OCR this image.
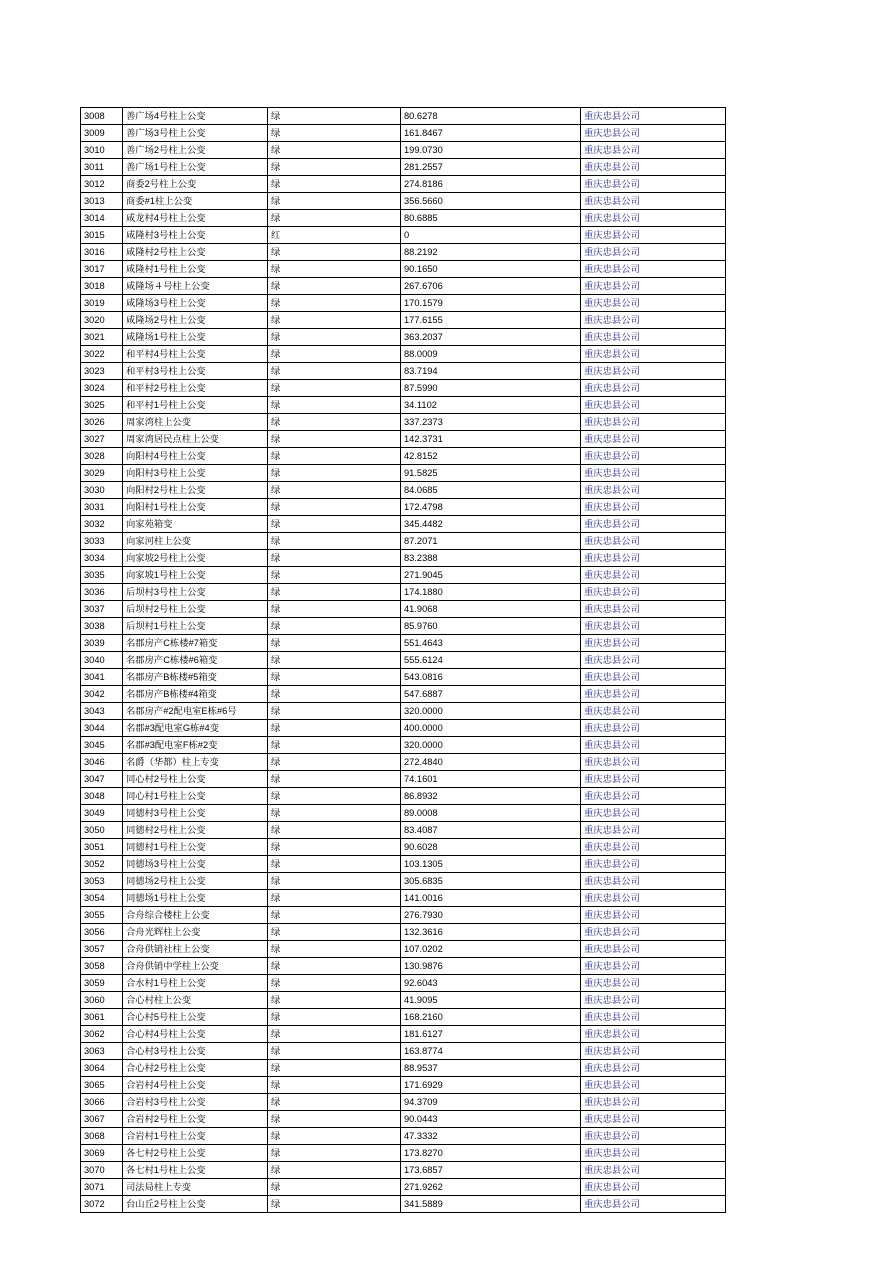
3008	善广场4号柱上公变	绿	80.6278	重庆忠县公司
3009	善广场3号柱上公变	绿	161.8467	重庆忠县公司
3010	善广场2号柱上公变	绿	199.0730	重庆忠县公司
3011	善广场1号柱上公变	绿	281.2557	重庆忠县公司
3012	商委2号柱上公变	绿	274.8186	重庆忠县公司
3013	商委#1柱上公变	绿	356.5660	重庆忠县公司
3014	咸龙村4号柱上公变	绿	80.6885	重庆忠县公司
3015	咸隆村3号柱上公变	红	0	重庆忠县公司
3016	咸隆村2号柱上公变	绿	88.2192	重庆忠县公司
3017	咸隆村1号柱上公变	绿	90.1650	重庆忠县公司
3018	咸隆场４号柱上公变	绿	267.6706	重庆忠县公司
3019	咸隆场3号柱上公变	绿	170.1579	重庆忠县公司
3020	咸隆场2号柱上公变	绿	177.6155	重庆忠县公司
3021	咸隆场1号柱上公变	绿	363.2037	重庆忠县公司
3022	和平村4号柱上公变	绿	88.0009	重庆忠县公司
3023	和平村3号柱上公变	绿	83.7194	重庆忠县公司
3024	和平村2号柱上公变	绿	87.5990	重庆忠县公司
3025	和平村1号柱上公变	绿	34.1102	重庆忠县公司
3026	周家湾柱上公变	绿	337.2373	重庆忠县公司
3027	周家湾居民点柱上公变	绿	142.3731	重庆忠县公司
3028	向阳村4号柱上公变	绿	42.8152	重庆忠县公司
3029	向阳村3号柱上公变	绿	91.5825	重庆忠县公司
3030	向阳村2号柱上公变	绿	84.0685	重庆忠县公司
3031	向阳村1号柱上公变	绿	172.4798	重庆忠县公司
3032	向家苑箱变	绿	345.4482	重庆忠县公司
3033	向家河柱上公变	绿	87.2071	重庆忠县公司
3034	向家坡2号柱上公变	绿	83.2388	重庆忠县公司
3035	向家坡1号柱上公变	绿	271.9045	重庆忠县公司
3036	后坝村3号柱上公变	绿	174.1880	重庆忠县公司
3037	后坝村2号柱上公变	绿	41.9068	重庆忠县公司
3038	后坝村1号柱上公变	绿	85.9760	重庆忠县公司
3039	名郡房产C栋楼#7箱变	绿	551.4643	重庆忠县公司
3040	名郡房产C栋楼#6箱变	绿	555.6124	重庆忠县公司
3041	名郡房产B栋楼#5箱变	绿	543.0816	重庆忠县公司
3042	名郡房产B栋楼#4箱变	绿	547.6887	重庆忠县公司
3043	名郡房产#2配电室E栋#6号	绿	320.0000	重庆忠县公司
3044	名郡#3配电室G栋#4变	绿	400.0000	重庆忠县公司
3045	名郡#3配电室F栋#2变	绿	320.0000	重庆忠县公司
3046	名爵（华都）柱上专变	绿	272.4840	重庆忠县公司
3047	同心村2号柱上公变	绿	74.1601	重庆忠县公司
3048	同心村1号柱上公变	绿	86.8932	重庆忠县公司
3049	同德村3号柱上公变	绿	89.0008	重庆忠县公司
3050	同德村2号柱上公变	绿	83.4087	重庆忠县公司
3051	同德村1号柱上公变	绿	90.6028	重庆忠县公司
3052	同德场3号柱上公变	绿	103.1305	重庆忠县公司
3053	同德场2号柱上公变	绿	305.6835	重庆忠县公司
3054	同德场1号柱上公变	绿	141.0016	重庆忠县公司
3055	合舟综合楼柱上公变	绿	276.7930	重庆忠县公司
3056	合舟光辉柱上公变	绿	132.3616	重庆忠县公司
3057	合舟供销社柱上公变	绿	107.0202	重庆忠县公司
3058	合舟供销中学柱上公变	绿	130.9876	重庆忠县公司
3059	合水村1号柱上公变	绿	92.6043	重庆忠县公司
3060	合心村柱上公变	绿	41.9095	重庆忠县公司
3061	合心村5号柱上公变	绿	168.2160	重庆忠县公司
3062	合心村4号柱上公变	绿	181.6127	重庆忠县公司
3063	合心村3号柱上公变	绿	163.8774	重庆忠县公司
3064	合心村2号柱上公变	绿	88.9537	重庆忠县公司
3065	合岩村4号柱上公变	绿	171.6929	重庆忠县公司
3066	合岩村3号柱上公变	绿	94.3709	重庆忠县公司
3067	合岩村2号柱上公变	绿	90.0443	重庆忠县公司
3068	合岩村1号柱上公变	绿	47.3332	重庆忠县公司
3069	各七村2号柱上公变	绿	173.8270	重庆忠县公司
3070	各七村1号柱上公变	绿	173.6857	重庆忠县公司
3071	司法局柱上专变	绿	271.9262	重庆忠县公司
3072	台山丘2号柱上公变	绿	341.5889	重庆忠县公司
